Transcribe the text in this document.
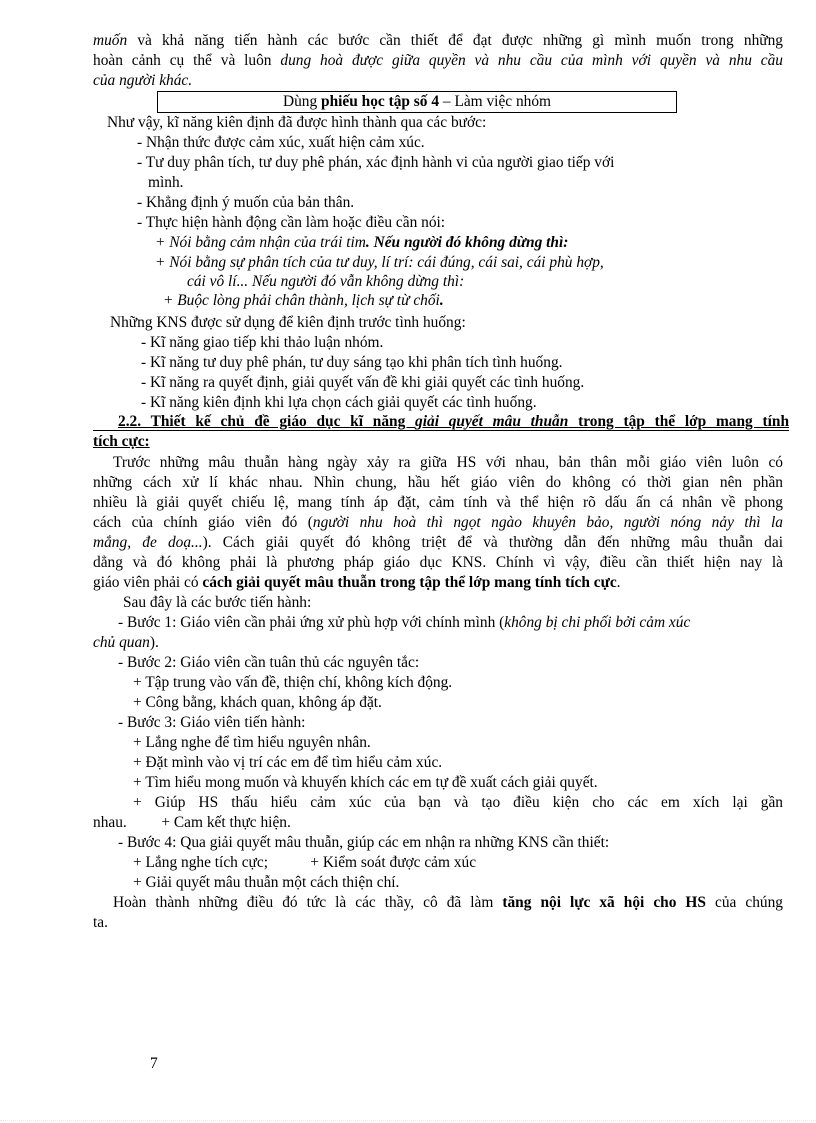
muốn và khả năng tiến hành các bước cần thiết để đạt được những gì mình muốn trong những
hoàn cảnh cụ thể và luôn dung hoà được giữa quyền và nhu cầu của mình với quyền và nhu cầu
của người khác.
Dùng phiếu học tập số 4 – Làm việc nhóm
Như vậy, kĩ năng kiên định đã được hình thành qua các bước:
- Nhận thức được cảm xúc, xuất hiện cảm xúc.
- Tư duy phân tích, tư duy phê phán, xác định hành vi của người giao tiếp với
mình.
- Khẳng định ý muốn của bản thân.
- Thực hiện hành động cần làm hoặc điều cần nói:
+ Nói bằng cảm nhận của trái tim. Nếu người đó không dừng thì:
+ Nói bằng sự phân tích của tư duy, lí trí: cái đúng, cái sai, cái phù hợp,
cái vô lí... Nếu người đó vẫn không dừng thì:
+ Buộc lòng phải chân thành, lịch sự từ chối.
Những KNS được sử dụng để kiên định trước tình huống:
- Kĩ năng giao tiếp khi thảo luận nhóm.
- Kĩ năng tư duy phê phán, tư duy sáng tạo khi phân tích tình huống.
- Kĩ năng ra quyết định, giải quyết vấn đề khi giải quyết các tình huống.
- Kĩ năng kiên định khi lựa chọn cách giải quyết các tình huống.
2.2. Thiết kế chủ đề giáo dục kĩ năng giải quyết mâu thuẫn trong tập thể lớp mang tính
tích cực:
Trước những mâu thuẫn hàng ngày xảy ra giữa HS với nhau, bản thân mỗi giáo viên luôn có
những cách xử lí khác nhau. Nhìn chung, hầu hết giáo viên do không có thời gian nên phần
nhiều là giải quyết chiếu lệ, mang tính áp đặt, cảm tính và thể hiện rõ dấu ấn cá nhân về phong
cách của chính giáo viên đó (người nhu hoà thì ngọt ngào khuyên bảo, người nóng nảy thì la
mắng, đe doạ...). Cách giải quyết đó không triệt để và thường dẫn đến những mâu thuẫn dai
dẳng và đó không phải là phương pháp giáo dục KNS. Chính vì vậy, điều cần thiết hiện nay là
giáo viên phải có cách giải quyết mâu thuẫn trong tập thể lớp mang tính tích cực.
Sau đây là các bước tiến hành:
- Bước 1: Giáo viên cần phải ứng xử phù hợp với chính mình (không bị chi phối bởi cảm xúc
chủ quan).
- Bước 2: Giáo viên cần tuân thủ các nguyên tắc:
+ Tập trung vào vấn đề, thiện chí, không kích động.
+ Công bằng, khách quan, không áp đặt.
- Bước 3: Giáo viên tiến hành:
+ Lắng nghe để tìm hiểu nguyên nhân.
+ Đặt mình vào vị trí các em để tìm hiểu cảm xúc.
+ Tìm hiểu mong muốn và khuyến khích các em tự đề xuất cách giải quyết.
+ Giúp HS thấu hiểu cảm xúc của bạn và tạo điều kiện cho các em xích lại gần
nhau.         + Cam kết thực hiện.
- Bước 4: Qua giải quyết mâu thuẫn, giúp các em nhận ra những KNS cần thiết:
+ Lắng nghe tích cực;           + Kiểm soát được cảm xúc
+ Giải quyết mâu thuẫn một cách thiện chí.
Hoàn thành những điều đó tức là các thầy, cô đã làm tăng nội lực xã hội cho HS của chúng
ta.
7
